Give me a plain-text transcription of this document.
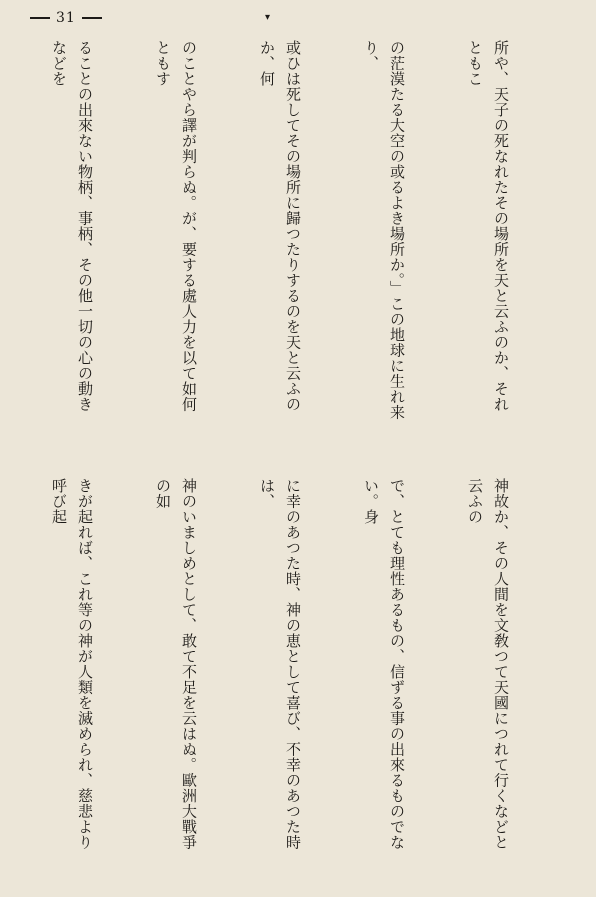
31	▾

所や、天子の死なれたその場所を天と云ふのか、それともこ

の茫漠たる大空の或るよき場所か。」この地球に生れ来り、

或ひは死してその場所に歸つたりするのを天と云ふのか、何

のことやら譯が判らぬ。が、要する處人力を以て如何ともす

ることの出來ない物柄、事柄、その他一切の心の動きなどを

神故か、その人間を文敎つて天國につれて行くなどと云ふの

で、とても理性あるもの、信ずる事の出來るものでない。身

に幸のあつた時、神の恵として喜び、不幸のあつた時は、

神のいましめとして、敢て不足を云はぬ。歐洲大戰爭の如

きが起れば、これ等の神が人類を滅められ、慈悲より呼び起
